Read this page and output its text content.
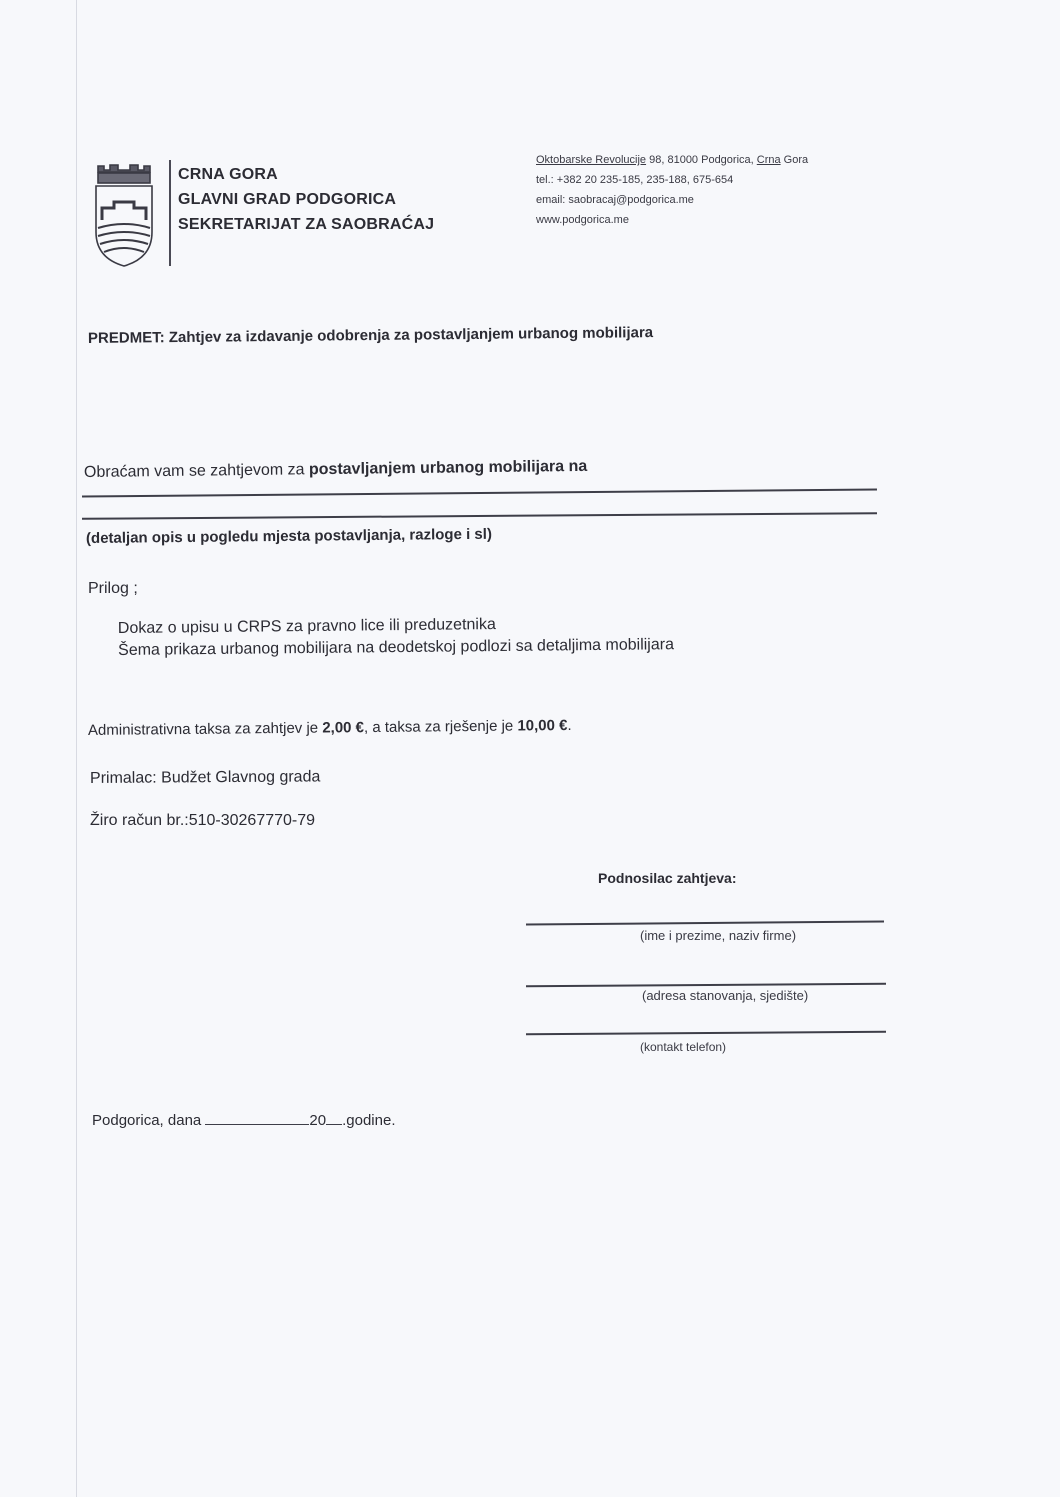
CRNA GORA
GLAVNI GRAD PODGORICA
SEKRETARIJAT ZA SAOBRAĆAJ
Oktobarske Revolucije 98, 81000 Podgorica, Crna Gora
tel.: +382 20 235-185, 235-188, 675-654
email: saobracaj@podgorica.me
www.podgorica.me
PREDMET: Zahtjev za izdavanje odobrenja za postavljanjem urbanog mobilijara
Obraćam vam se zahtjevom za postavljanjem urbanog mobilijara na
(detaljan opis u pogledu mjesta postavljanja, razloge i sl)
Prilog ;
Dokaz o upisu u CRPS za pravno lice ili preduzetnika
Šema prikaza urbanog mobilijara na deodetskoj podlozi sa detaljima mobilijara
Administrativna taksa za zahtjev je 2,00 €, a taksa za rješenje je 10,00 €.
Primalac: Budžet Glavnog grada
Žiro račun br.:510-30267770-79
Podnosilac zahtjeva:
(ime i prezime, naziv firme)
(adresa stanovanja, sjedište)
(kontakt telefon)
Podgorica, dana	20 .godine.
